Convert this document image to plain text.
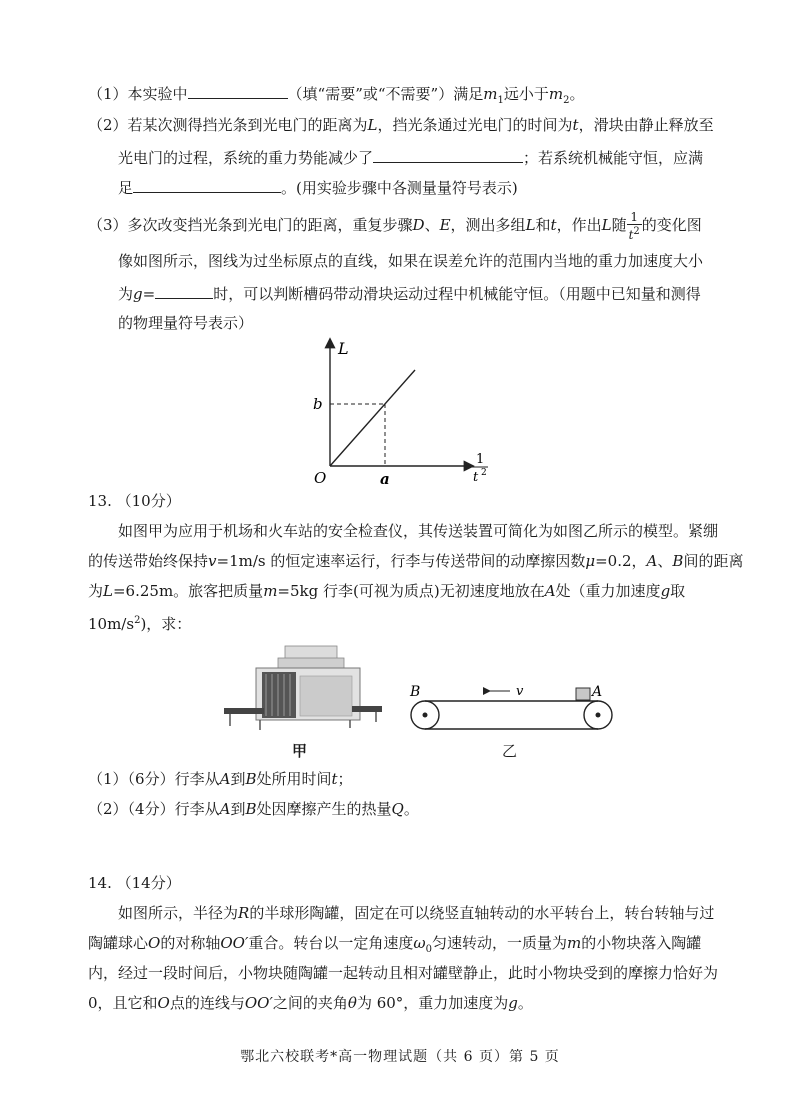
（1）本实验中	（填“需要”或“不需要”）满足$m_1$远小于$m_2$。
（2）若某次测得挡光条到光电门的距离为L，挡光条通过光电门的时间为t，滑块由静止释放至
光电门的过程，系统的重力势能减少了	；若系统机械能守恒，应满
足	。(用实验步骤中各测量量符号表示)
（3）多次改变挡光条到光电门的距离，重复步骤D、E，测出多组L和t，作出L随 $\frac{1}{t^2}$ 的变化图
像如图所示，图线为过坐标原点的直线，如果在误差允许的范围内当地的重力加速度大小
为g=	时，可以判断槽码带动滑块运动过程中机械能守恒。（用题中已知量和测得
的物理量符号表示）
L
b
O	a
1
t 2
13. （10分）
如图甲为应用于机场和火车站的安全检查仪，其传送装置可简化为如图乙所示的模型。紧绷
的传送带始终保持v=1m/s 的恒定速率运行，行李与传送带间的动摩擦因数μ=0.2，A、B间的距离
为L=6.25m。旅客把质量m=5kg 行李(可视为质点)无初速度地放在A处（重力加速度g取
$10m/s^2$)，求：
甲
B	A
v
乙
（1）（6分）行李从A到B处所用时间t；
（2）（4分）行李从A到B处因摩擦产生的热量Q。
14. （14分）
如图所示，半径为R的半球形陶罐，固定在可以绕竖直轴转动的水平转台上，转台转轴与过
陶罐球心O的对称轴OO′重合。转台以一定角速度$\omega_0$匀速转动，一质量为m的小物块落入陶罐
内，经过一段时间后，小物块随陶罐一起转动且相对罐壁静止，此时小物块受到的摩擦力恰好为
0，且它和O点的连线与OO′之间的夹角θ为 60°，重力加速度为g。
鄂北六校联考*高一物理试题（共 6 页）第 5 页
